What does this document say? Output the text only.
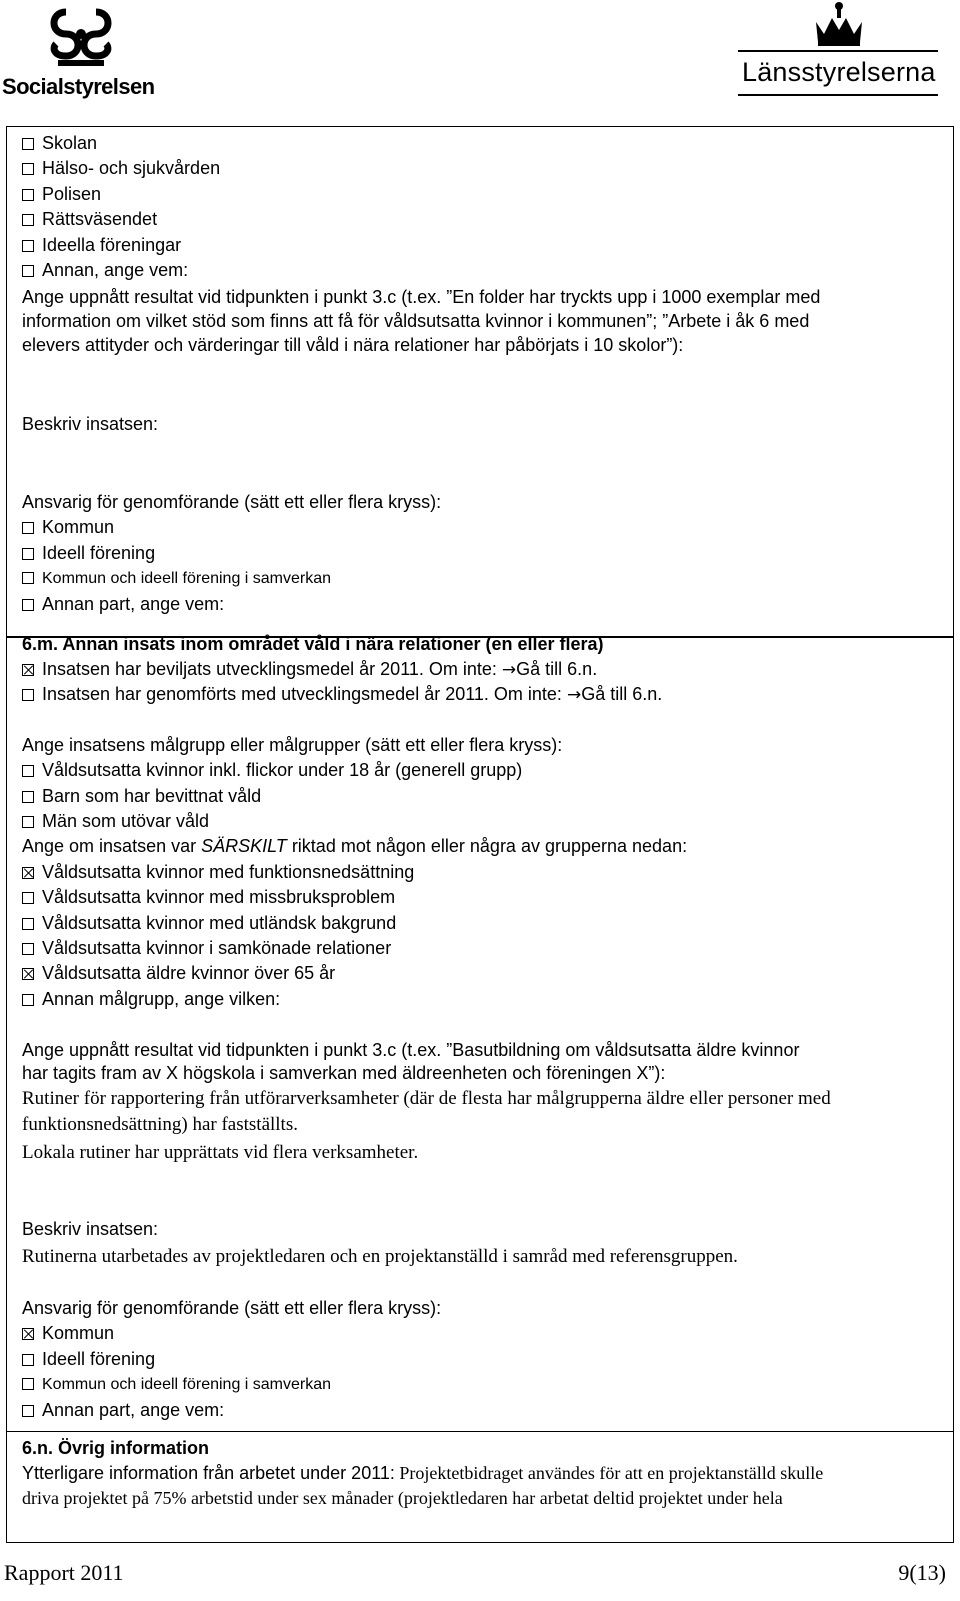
Socialstyrelsen	Länsstyrelserna
Skolan
Hälso- och sjukvården
Polisen
Rättsväsendet
Ideella föreningar
Annan, ange vem:
Ange uppnått resultat vid tidpunkten i punkt 3.c (t.ex. ”En folder har tryckts upp i 1000 exemplar med
information om vilket stöd som finns att få för våldsutsatta kvinnor i kommunen”; ”Arbete i åk 6 med
elevers attityder och värderingar till våld i nära relationer har påbörjats i 10 skolor”):
Beskriv insatsen:
Ansvarig för genomförande (sätt ett eller flera kryss):
Kommun
Ideell förening
Kommun och ideell förening i samverkan
Annan part, ange vem:
6.m. Annan insats inom området våld i nära relationer (en eller flera)
Insatsen har beviljats utvecklingsmedel år 2011. Om inte: →Gå till 6.n.
Insatsen har genomförts med utvecklingsmedel år 2011. Om inte: →Gå till 6.n.
Ange insatsens målgrupp eller målgrupper (sätt ett eller flera kryss):
Våldsutsatta kvinnor inkl. flickor under 18 år (generell grupp)
Barn som har bevittnat våld
Män som utövar våld
Ange om insatsen var SÄRSKILT riktad mot någon eller några av grupperna nedan:
Våldsutsatta kvinnor med funktionsnedsättning
Våldsutsatta kvinnor med missbruksproblem
Våldsutsatta kvinnor med utländsk bakgrund
Våldsutsatta kvinnor i samkönade relationer
Våldsutsatta äldre kvinnor över 65 år
Annan målgrupp, ange vilken:
Ange uppnått resultat vid tidpunkten i punkt 3.c (t.ex. ”Basutbildning om våldsutsatta äldre kvinnor
har tagits fram av X högskola i samverkan med äldreenheten och föreningen X”):
Rutiner för rapportering från utförarverksamheter (där de flesta har målgrupperna äldre eller personer med funktionsnedsättning) har fastställts.
Lokala rutiner har upprättats vid flera verksamheter.
Beskriv insatsen:
Rutinerna utarbetades av projektledaren och en projektanställd i samråd med referensgruppen.
Ansvarig för genomförande (sätt ett eller flera kryss):
Kommun
Ideell förening
Kommun och ideell förening i samverkan
Annan part, ange vem:
6.n. Övrig information
Ytterligare information från arbetet under 2011: Projektetbidraget användes för att en projektanställd skulle
driva projektet på 75% arbetstid under sex månader (projektledaren har arbetat deltid projektet under hela
Rapport 2011	9(13)
